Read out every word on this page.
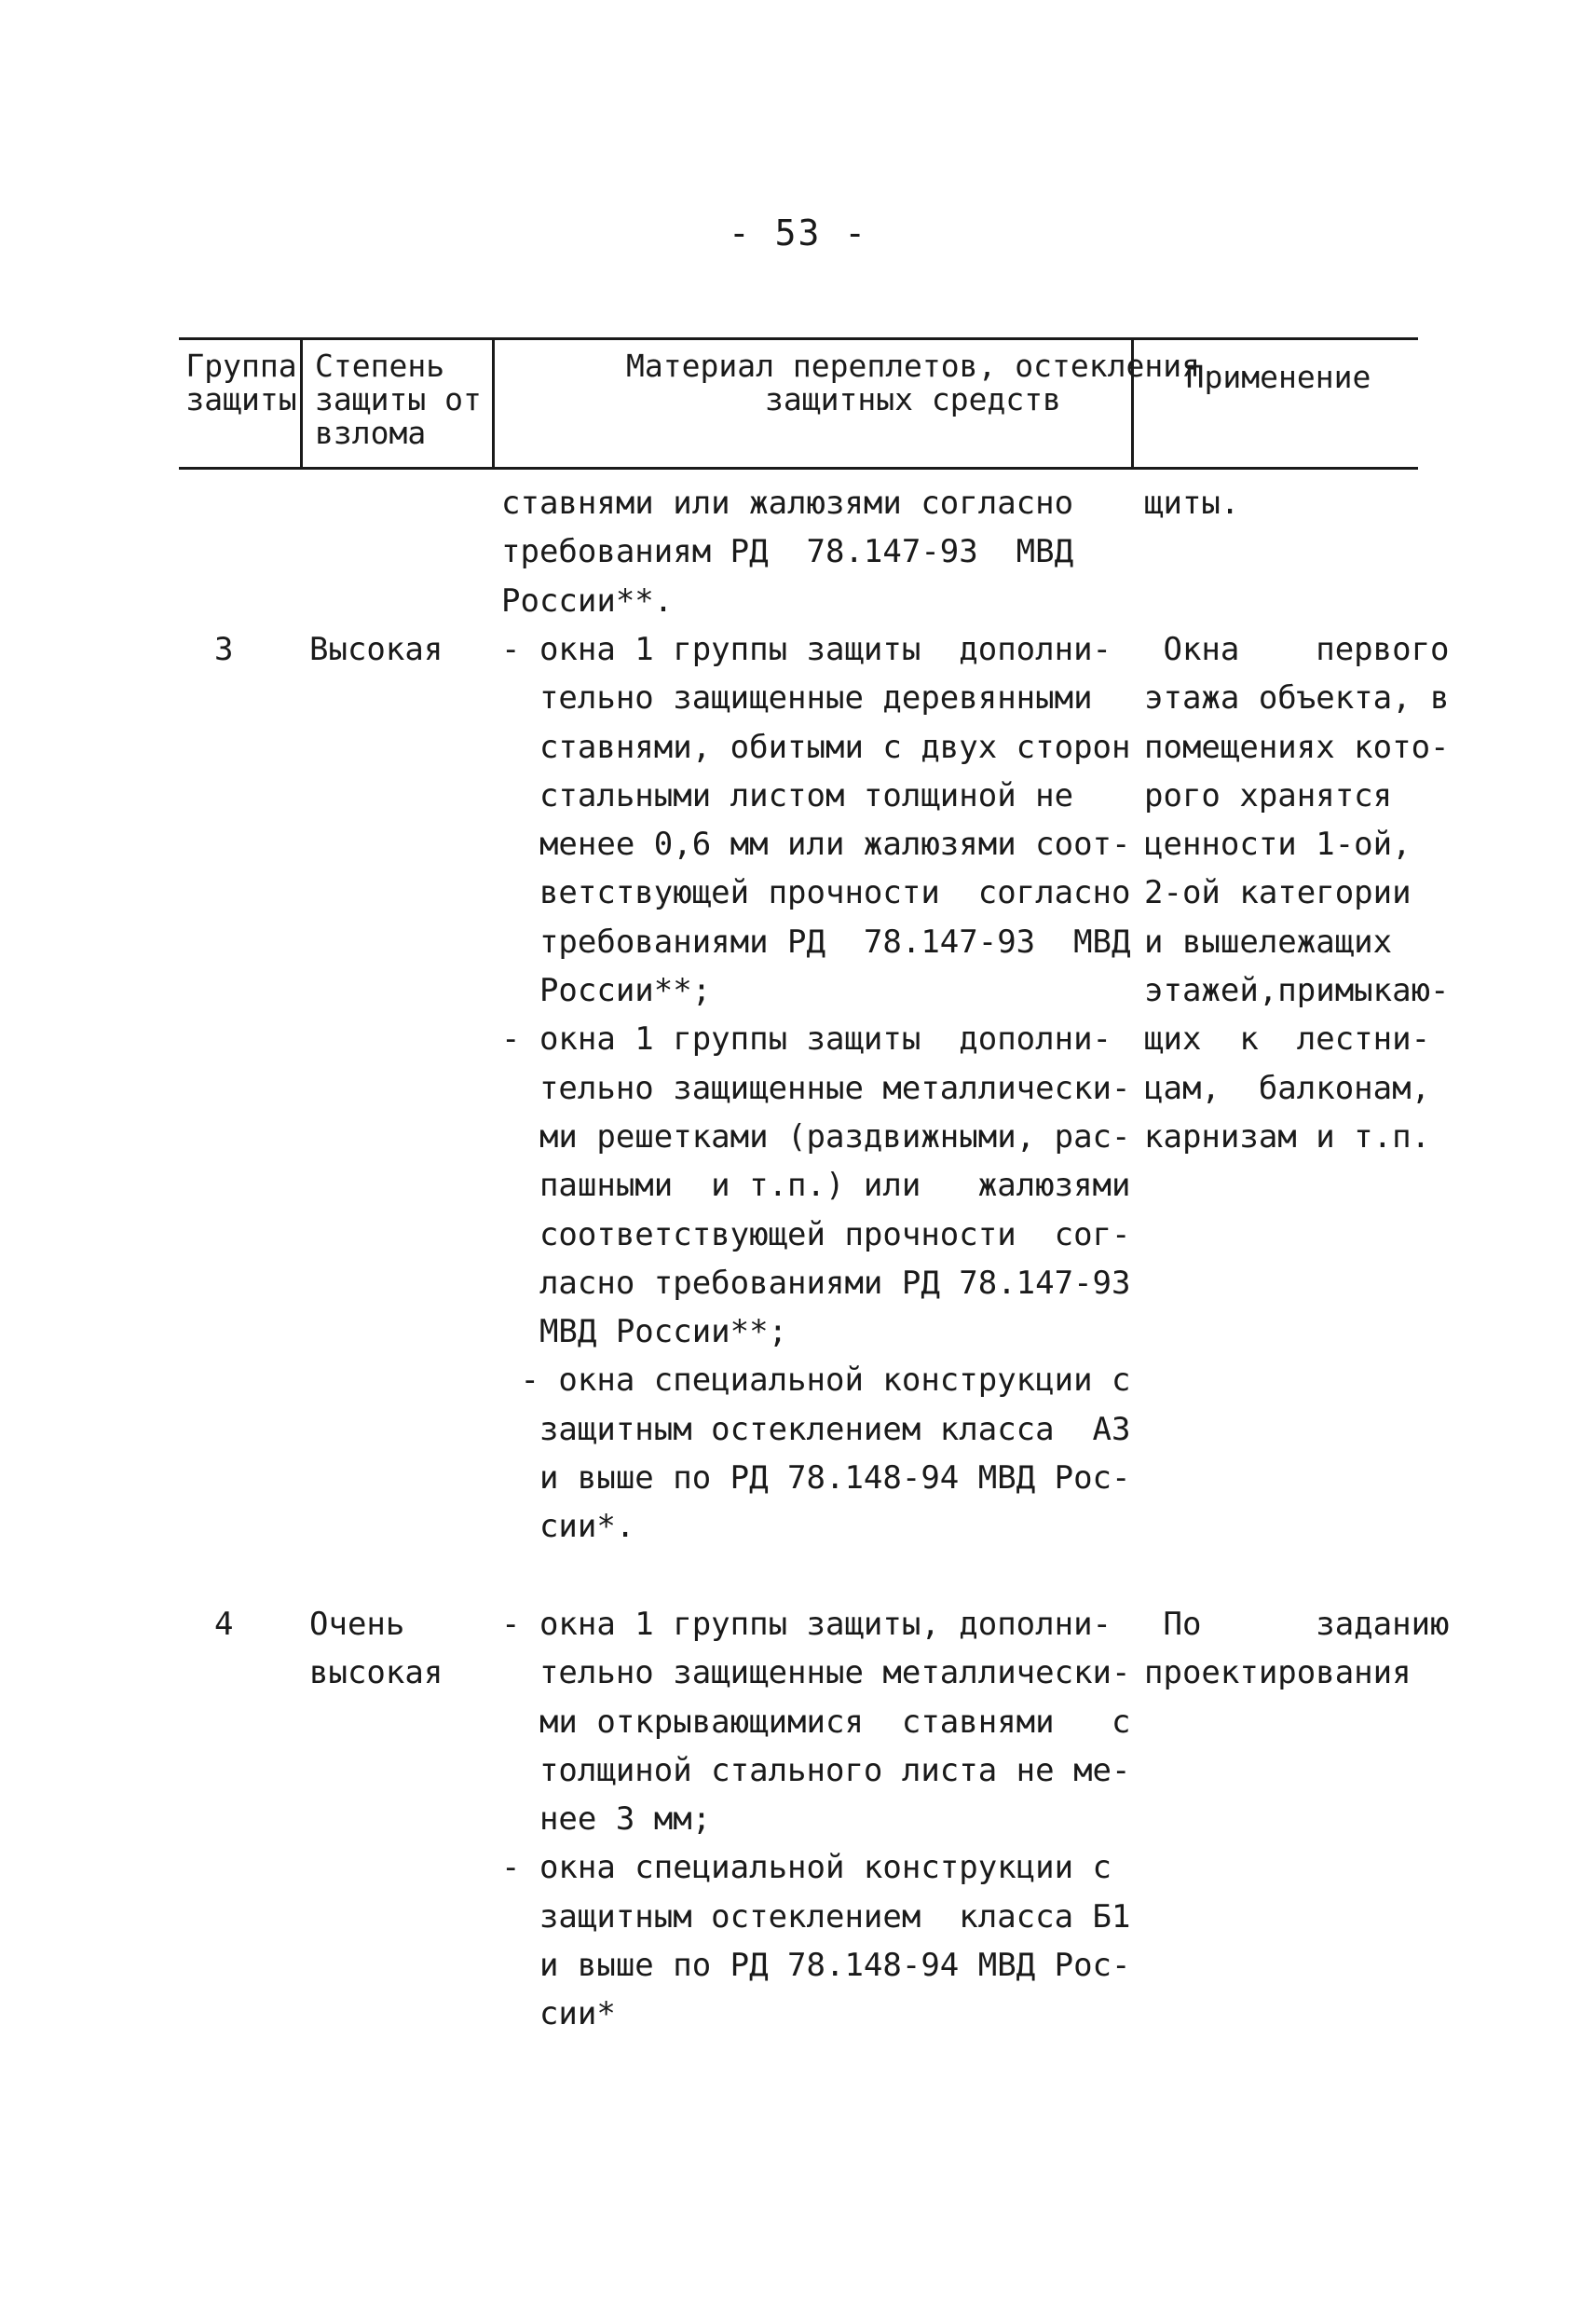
- 53 -
Группа
защиты
Степень
защиты от
взлома
Материал переплетов, остекления
защитных средств
Применение
ставнями или жалюзями согласно
требованиям РД  78.147-93  МВД
России**.
щиты.
3 Высокая - окна 1 группы защиты  дополни-
тельно защищенные деревянными
ставнями, обитыми с двух сторон
стальными листом толщиной не
менее 0,6 мм или жалюзями соот-
ветствующей прочности  согласно
требованиями РД  78.147-93  МВД
России**;
- окна 1 группы защиты  дополни-
тельно защищенные металлически-
ми решетками (раздвижными, рас-
пашными  и т.п.) или   жалюзями
соответствующей прочности  сог-
ласно требованиями РД 78.147-93
МВД России**;
- окна специальной конструкции с
защитным остеклением класса  А3
и выше по РД 78.148-94 МВД Рос-
сии*.
Окна    первого
этажа объекта, в
помещениях кото-
рого хранятся
ценности 1-ой,
2-ой категории
и вышележащих
этажей,примыкаю-
щих  к  лестни-
цам,  балконам,
карнизам и т.п.
4 Очень
высокая
- окна 1 группы защиты, дополни-
тельно защищенные металлически-
ми открывающимися  ставнями   с
толщиной стального листа не ме-
нее 3 мм;
- окна специальной конструкции с
защитным остеклением  класса Б1
и выше по РД 78.148-94 МВД Рос-
сии*
По      заданию
проектирования
